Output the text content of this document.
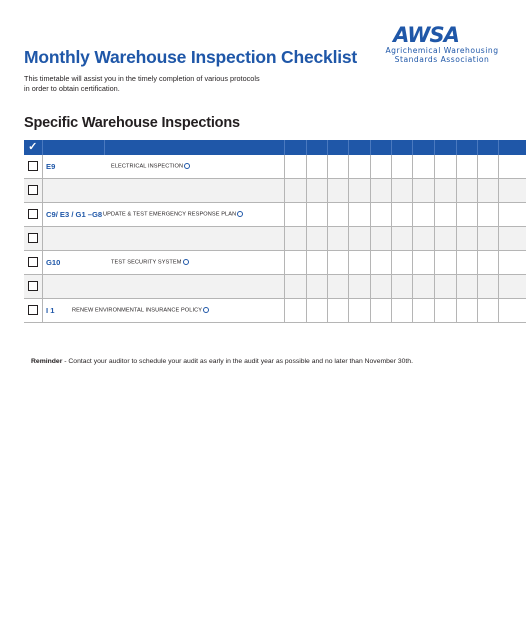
Monthly Warehouse Inspection Checklist
This timetable will assist you in the timely completion of various protocols
in order to obtain certification.
AWSA
Agrichemical Warehousing
Standards Association
Specific Warehouse Inspections
✓													

E9 ELECTRICAL INSPECTION													

C9/ E3 / G1 –G8 UPDATE & TEST EMERGENCY RESPONSE PLAN													

G10 TEST SECURITY SYSTEM													

I 1 RENEW ENVIRONMENTAL INSURANCE POLICY													

Reminder - Contact your auditor to schedule your audit as early in the audit year as possible and no later than November 30th.
